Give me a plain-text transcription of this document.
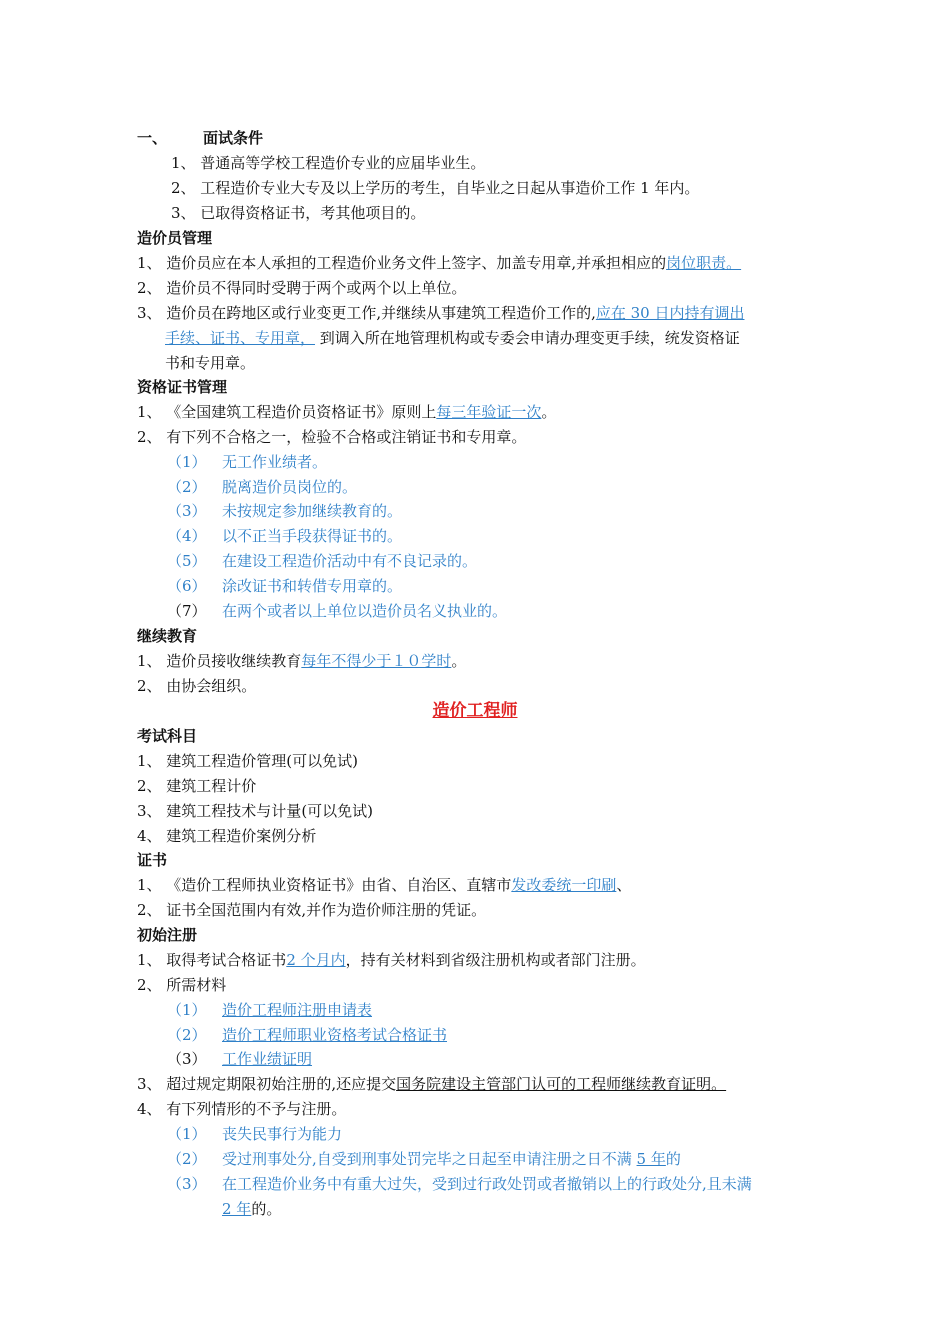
一、 面试条件
1、 普通高等学校工程造价专业的应届毕业生。
2、 工程造价专业大专及以上学历的考生，自毕业之日起从事造价工作 1 年内。
3、 已取得资格证书，考其他项目的。
造价员管理
1、 造价员应在本人承担的工程造价业务文件上签字、加盖专用章,并承担相应的岗位职责。
2、 造价员不得同时受聘于两个或两个以上单位。
3、 造价员在跨地区或行业变更工作,并继续从事建筑工程造价工作的,应在 30 日内持有调出
手续、证书、专用章， 到调入所在地管理机构或专委会申请办理变更手续，统发资格证
书和专用章。
资格证书管理
1、 《全国建筑工程造价员资格证书》原则上每三年验证一次。
2、 有下列不合格之一，检验不合格或注销证书和专用章。
（1） 无工作业绩者。
（2） 脱离造价员岗位的。
（3） 未按规定参加继续教育的。
（4） 以不正当手段获得证书的。
（5） 在建设工程造价活动中有不良记录的。
（6） 涂改证书和转借专用章的。
（7） 在两个或者以上单位以造价员名义执业的。
继续教育
1、 造价员接收继续教育每年不得少于１０学时。
2、 由协会组织。
造价工程师
考试科目
1、 建筑工程造价管理(可以免试)
2、 建筑工程计价
3、 建筑工程技术与计量(可以免试)
4、 建筑工程造价案例分析
证书
1、 《造价工程师执业资格证书》由省、自治区、直辖市发改委统一印刷、
2、 证书全国范围内有效,并作为造价师注册的凭证。
初始注册
1、 取得考试合格证书2 个月内，持有关材料到省级注册机构或者部门注册。
2、 所需材料
（1） 造价工程师注册申请表
（2） 造价工程师职业资格考试合格证书
（3） 工作业绩证明
3、 超过规定期限初始注册的,还应提交国务院建设主管部门认可的工程师继续教育证明。
4、 有下列情形的不予与注册。
（1） 丧失民事行为能力
（2） 受过刑事处分,自受到刑事处罚完毕之日起至申请注册之日不满 5 年的
（3） 在工程造价业务中有重大过失，受到过行政处罚或者撤销以上的行政处分,且未满
2 年的。
